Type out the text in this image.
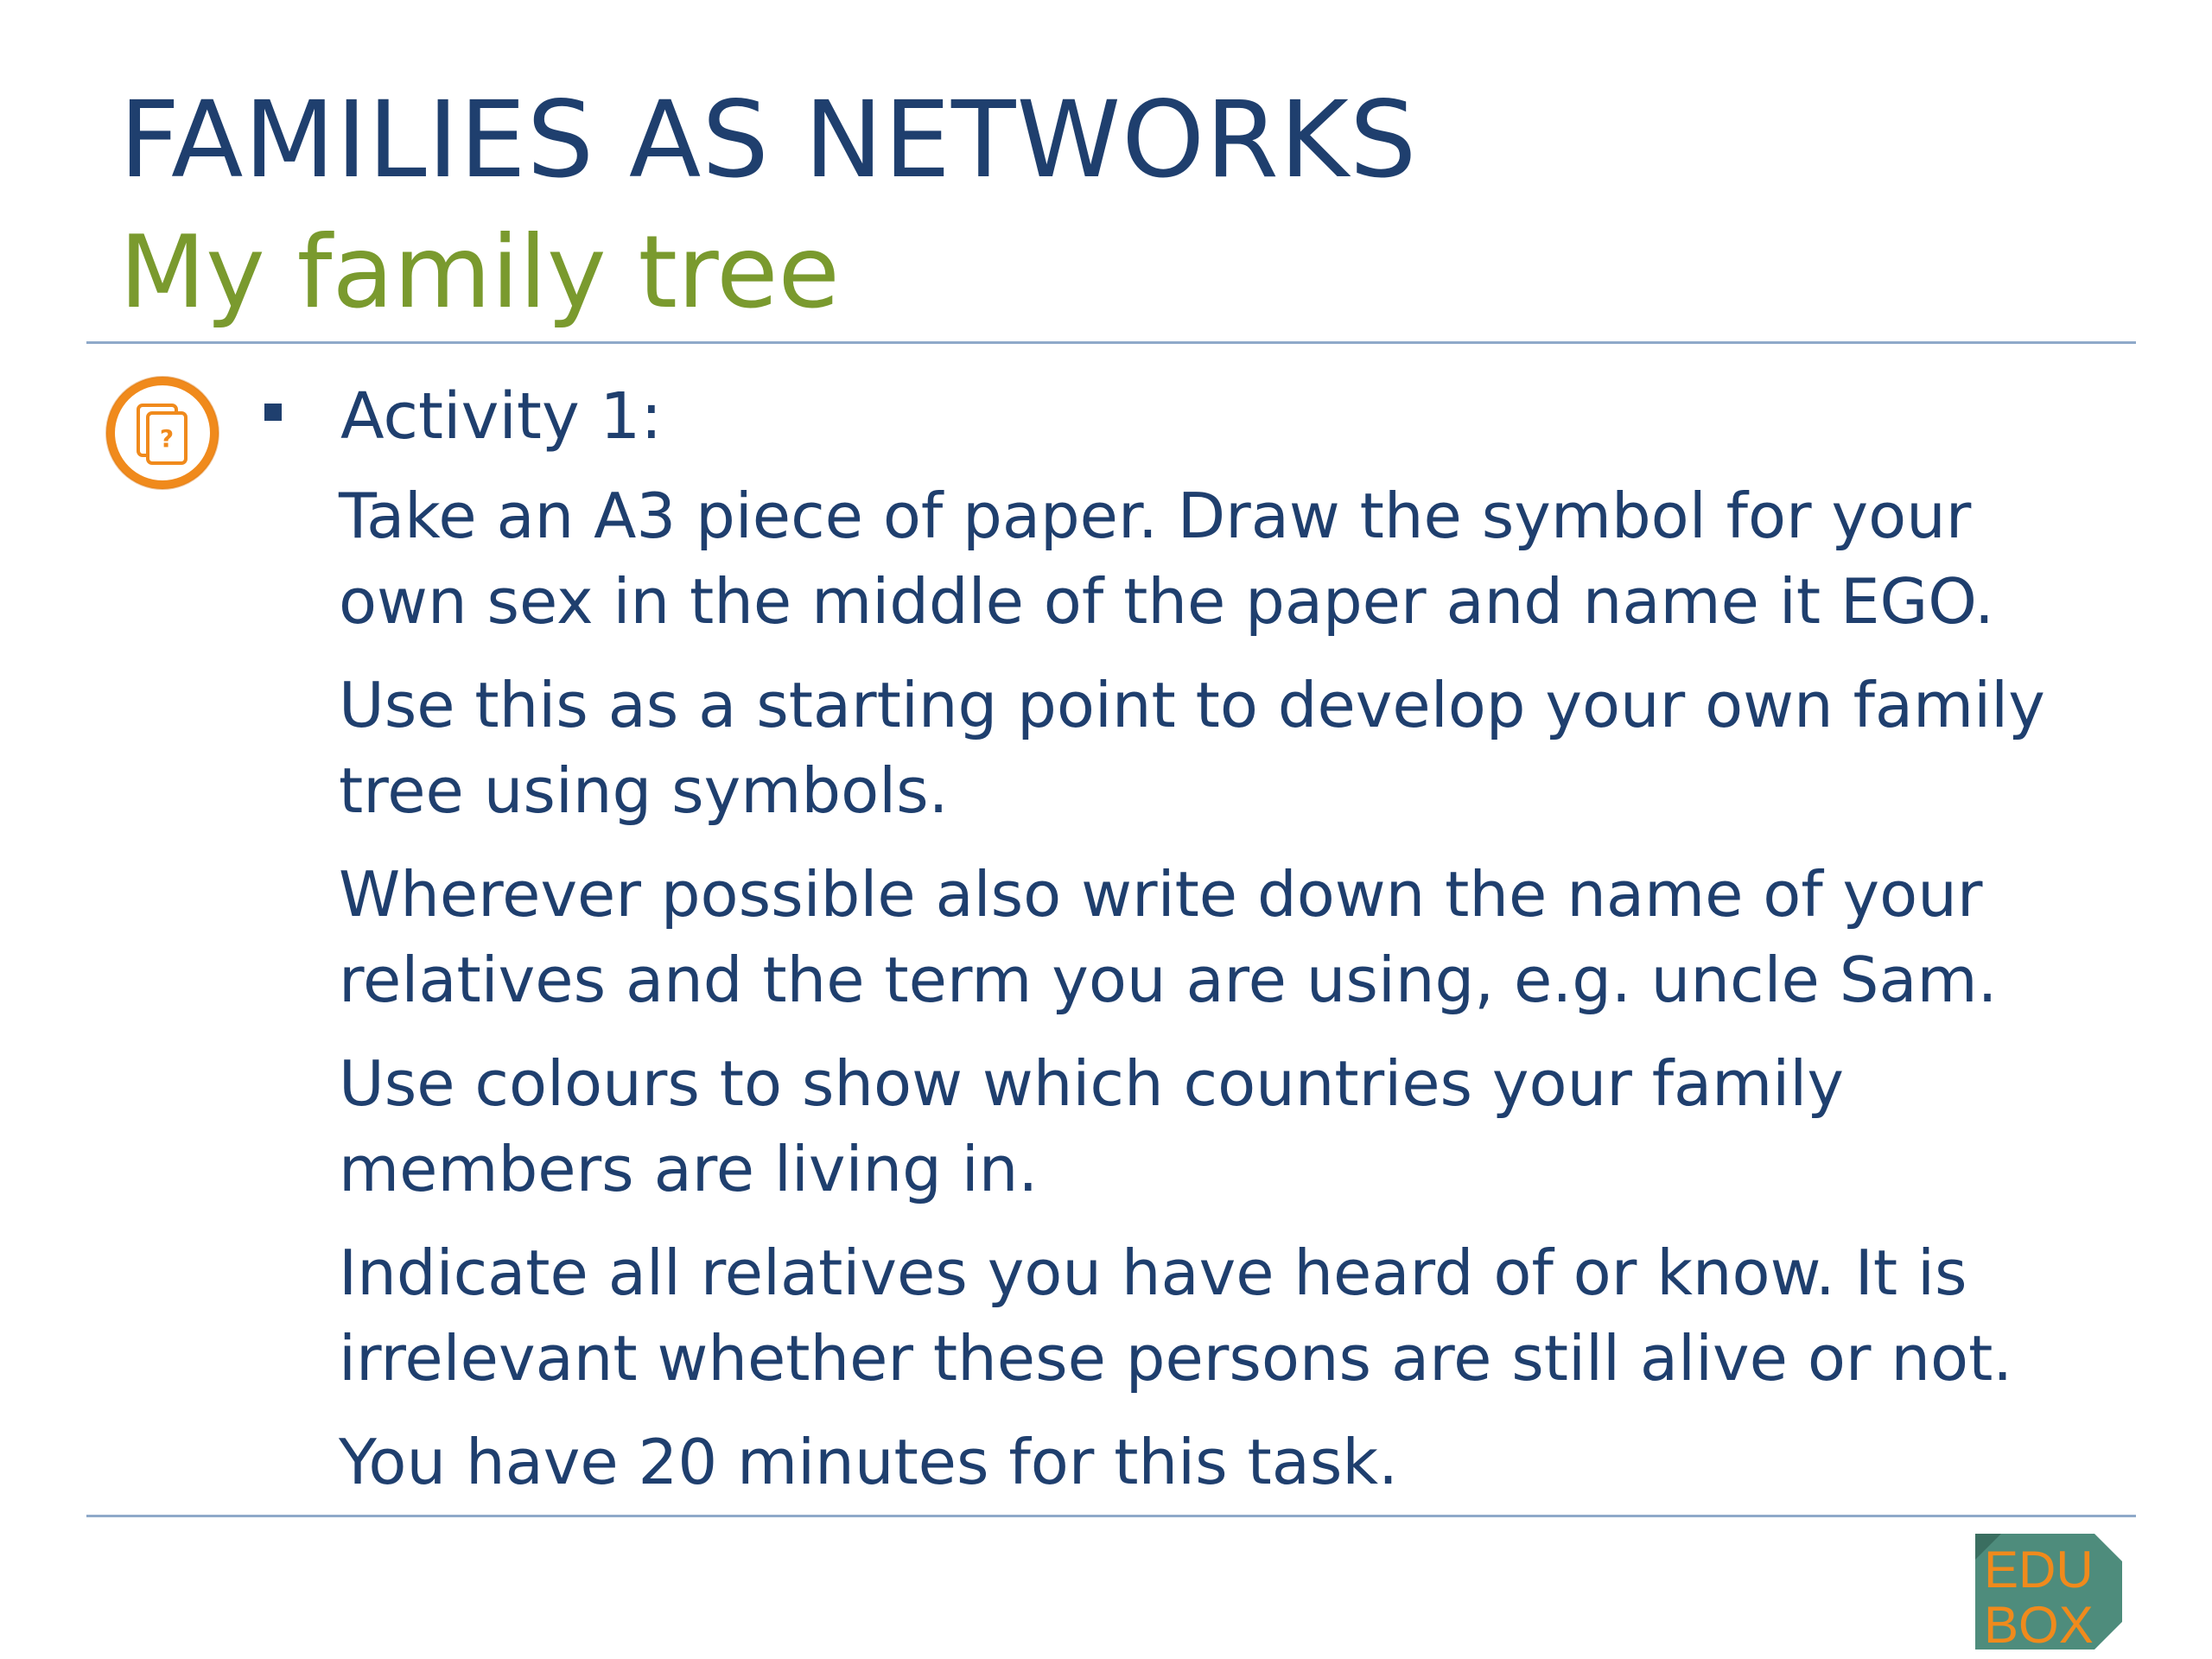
FAMILIES AS NETWORKS
My family tree
?	Activity 1:
Take an A3 piece of paper. Draw the symbol for your
own sex in the middle of the paper and name it EGO.
Use this as a starting point to develop your own family
tree using symbols.
Wherever possible also write down the name of your
relatives and the term you are using, e.g. uncle Sam.
Use colours to show which countries your family
members are living in.
Indicate all relatives you have heard of or know. It is
irrelevant whether these persons are still alive or not.
You have 20 minutes for this task.
EDU
BOX
